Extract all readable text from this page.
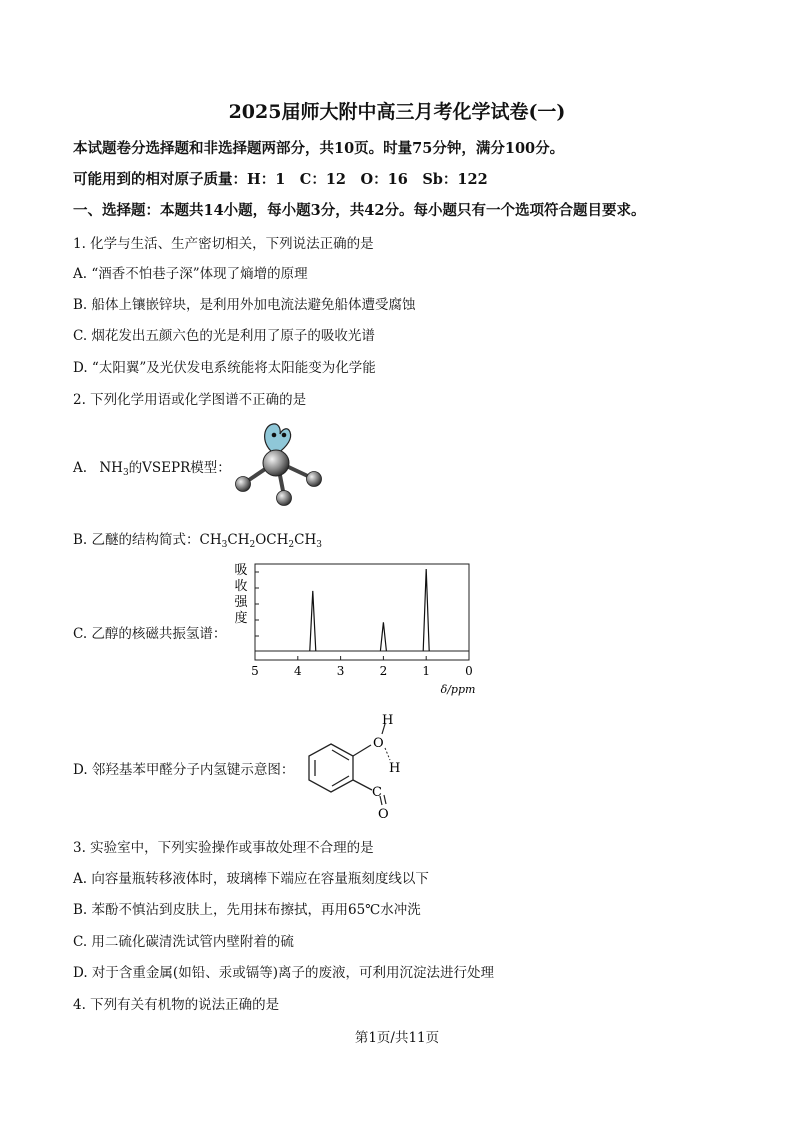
2025届师大附中高三月考化学试卷(一)
本试题卷分选择题和非选择题两部分，共10页。时量75分钟，满分100分。
可能用到的相对原子质量：H：1　C：12　O：16　Sb：122
一、选择题：本题共14小题，每小题3分，共42分。每小题只有一个选项符合题目要求。
1. 化学与生活、生产密切相关，下列说法正确的是
A. “酒香不怕巷子深”体现了熵增的原理
B. 船体上镶嵌锌块，是利用外加电流法避免船体遭受腐蚀
C. 烟花发出五颜六色的光是利用了原子的吸收光谱
D. “太阳翼”及光伏发电系统能将太阳能变为化学能
2. 下列化学用语或化学图谱不正确的是
A. $NH_3$的VSEPR模型：
B. 乙醚的结构简式：$CH_3CH_2OCH_2CH_3$
C. 乙醇的核磁共振氢谱：
吸
收
强
度
5	4	3	2	1	0
δ/ppm
D. 邻羟基苯甲醛分子内氢键示意图：
H
O
H
C
O
3. 实验室中，下列实验操作或事故处理不合理的是
A. 向容量瓶转移液体时，玻璃棒下端应在容量瓶刻度线以下
B. 苯酚不慎沾到皮肤上，先用抹布擦拭，再用65℃水冲洗
C. 用二硫化碳清洗试管内壁附着的硫
D. 对于含重金属(如铅、汞或镉等)离子的废液，可利用沉淀法进行处理
4. 下列有关有机物的说法正确的是
第1页/共11页
